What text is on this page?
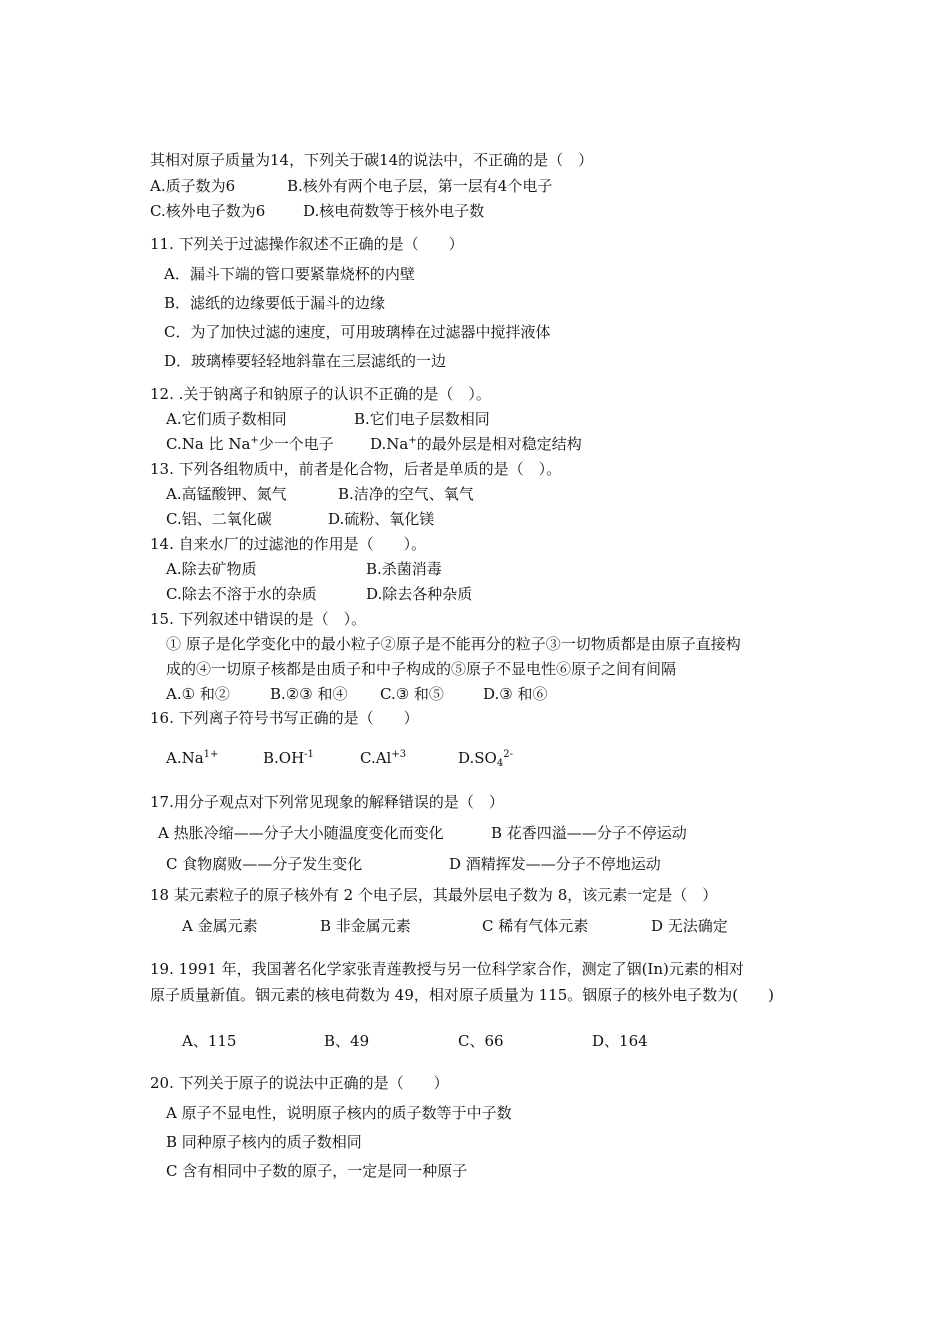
其相对原子质量为14，下列关于碳14的说法中，不正确的是（　）
A.质子数为6	B.核外有两个电子层，第一层有4个电子
C.核外电子数为6	D.核电荷数等于核外电子数
11. 下列关于过滤操作叙述不正确的是（　　）
A．漏斗下端的管口要紧靠烧杯的内壁
B．滤纸的边缘要低于漏斗的边缘
C．为了加快过滤的速度，可用玻璃棒在过滤器中搅拌液体
D．玻璃棒要轻轻地斜靠在三层滤纸的一边
12. .关于钠离子和钠原子的认识不正确的是（　）。
A.它们质子数相同	B.它们电子层数相同
C.Na 比 Na+少一个电子 D.Na+的最外层是相对稳定结构
13. 下列各组物质中，前者是化合物，后者是单质的是（　）。
A.高锰酸钾、氮气	B.洁净的空气、氧气
C.铝、二氧化碳	D.硫粉、氧化镁
14. 自来水厂的过滤池的作用是（　　）。
A.除去矿物质	B.杀菌消毒
C.除去不溶于水的杂质	D.除去各种杂质
15. 下列叙述中错误的是（　）。
① 原子是化学变化中的最小粒子②原子是不能再分的粒子③一切物质都是由原子直接构
成的④一切原子核都是由质子和中子构成的⑤原子不显电性⑥原子之间有间隔
A.① 和②	B.②③ 和④ C.③ 和⑤	D.③ 和⑥
16. 下列离子符号书写正确的是（　　）
$A.Na^{1+}$	$B.OH^{-1}$	$C.Al^{+3}$	$D.SO_4^{2-}$
17.用分子观点对下列常见现象的解释错误的是（　）
A 热胀冷缩——分子大小随温度变化而变化	B 花香四溢——分子不停运动
C 食物腐败——分子发生变化	D 酒精挥发——分子不停地运动
18 某元素粒子的原子核外有 2 个电子层，其最外层电子数为 8，该元素一定是（　）
A 金属元素	B 非金属元素	C 稀有气体元素	D 无法确定
19. 1991 年，我国著名化学家张青莲教授与另一位科学家合作，测定了铟(In)元素的相对
原子质量新值。铟元素的核电荷数为 49，相对原子质量为 115。铟原子的核外电子数为(　　)
A、115	B、49	C、66	D、164
20. 下列关于原子的说法中正确的是（　　）
A 原子不显电性，说明原子核内的质子数等于中子数
B 同种原子核内的质子数相同
C 含有相同中子数的原子，一定是同一种原子
